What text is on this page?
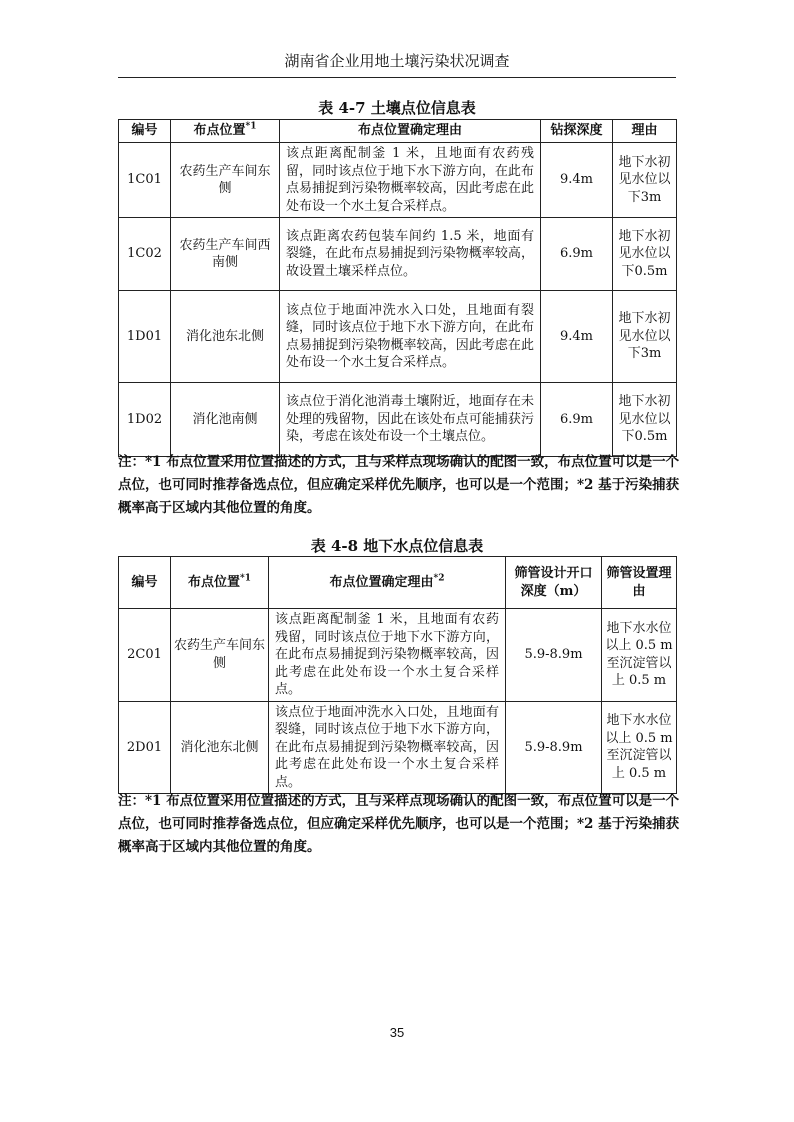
湖南省企业用地土壤污染状况调查
表 4-7 土壤点位信息表
编号	布点位置$^{*1}$	布点位置确定理由	钻探深度	理由
1C01	农药生产车间东侧	该点距离配制釜 1 米，且地面有农药残留，同时该点位于地下水下游方向，在此布点易捕捉到污染物概率较高，因此考虑在此处布设一个水土复合采样点。	9.4m	地下水初见水位以下3m
1C02	农药生产车间西南侧	该点距离农药包装车间约 1.5 米，地面有裂缝，在此布点易捕捉到污染物概率较高，故设置土壤采样点位。	6.9m	地下水初见水位以下0.5m
1D01	消化池东北侧	该点位于地面冲洗水入口处，且地面有裂缝，同时该点位于地下水下游方向，在此布点易捕捉到污染物概率较高，因此考虑在此处布设一个水土复合采样点。	9.4m	地下水初见水位以下3m
1D02	消化池南侧	该点位于消化池消毒土壤附近，地面存在未处理的残留物，因此在该处布点可能捕获污染，考虑在该处布设一个土壤点位。	6.9m	地下水初见水位以下0.5m
注：*1 布点位置采用位置描述的方式，且与采样点现场确认的配图一致，布点位置可以是一个点位，也可同时推荐备选点位，但应确定采样优先顺序，也可以是一个范围；*2 基于污染捕获概率高于区域内其他位置的角度。
表 4-8 地下水点位信息表
编号	布点位置$^{*1}$	布点位置确定理由$^{*2}$	筛管设计开口深度（m）	筛管设置理由
2C01	农药生产车间东侧	该点距离配制釜 1 米，且地面有农药残留，同时该点位于地下水下游方向，在此布点易捕捉到污染物概率较高，因此考虑在此处布设一个水土复合采样点。	5.9-8.9m	地下水水位以上 0.5 m 至沉淀管以上 0.5 m
2D01	消化池东北侧	该点位于地面冲洗水入口处，且地面有裂缝，同时该点位于地下水下游方向，在此布点易捕捉到污染物概率较高，因此考虑在此处布设一个水土复合采样点。	5.9-8.9m	地下水水位以上 0.5 m 至沉淀管以上 0.5 m
注：*1 布点位置采用位置描述的方式，且与采样点现场确认的配图一致，布点位置可以是一个点位，也可同时推荐备选点位，但应确定采样优先顺序，也可以是一个范围；*2 基于污染捕获概率高于区域内其他位置的角度。
35
